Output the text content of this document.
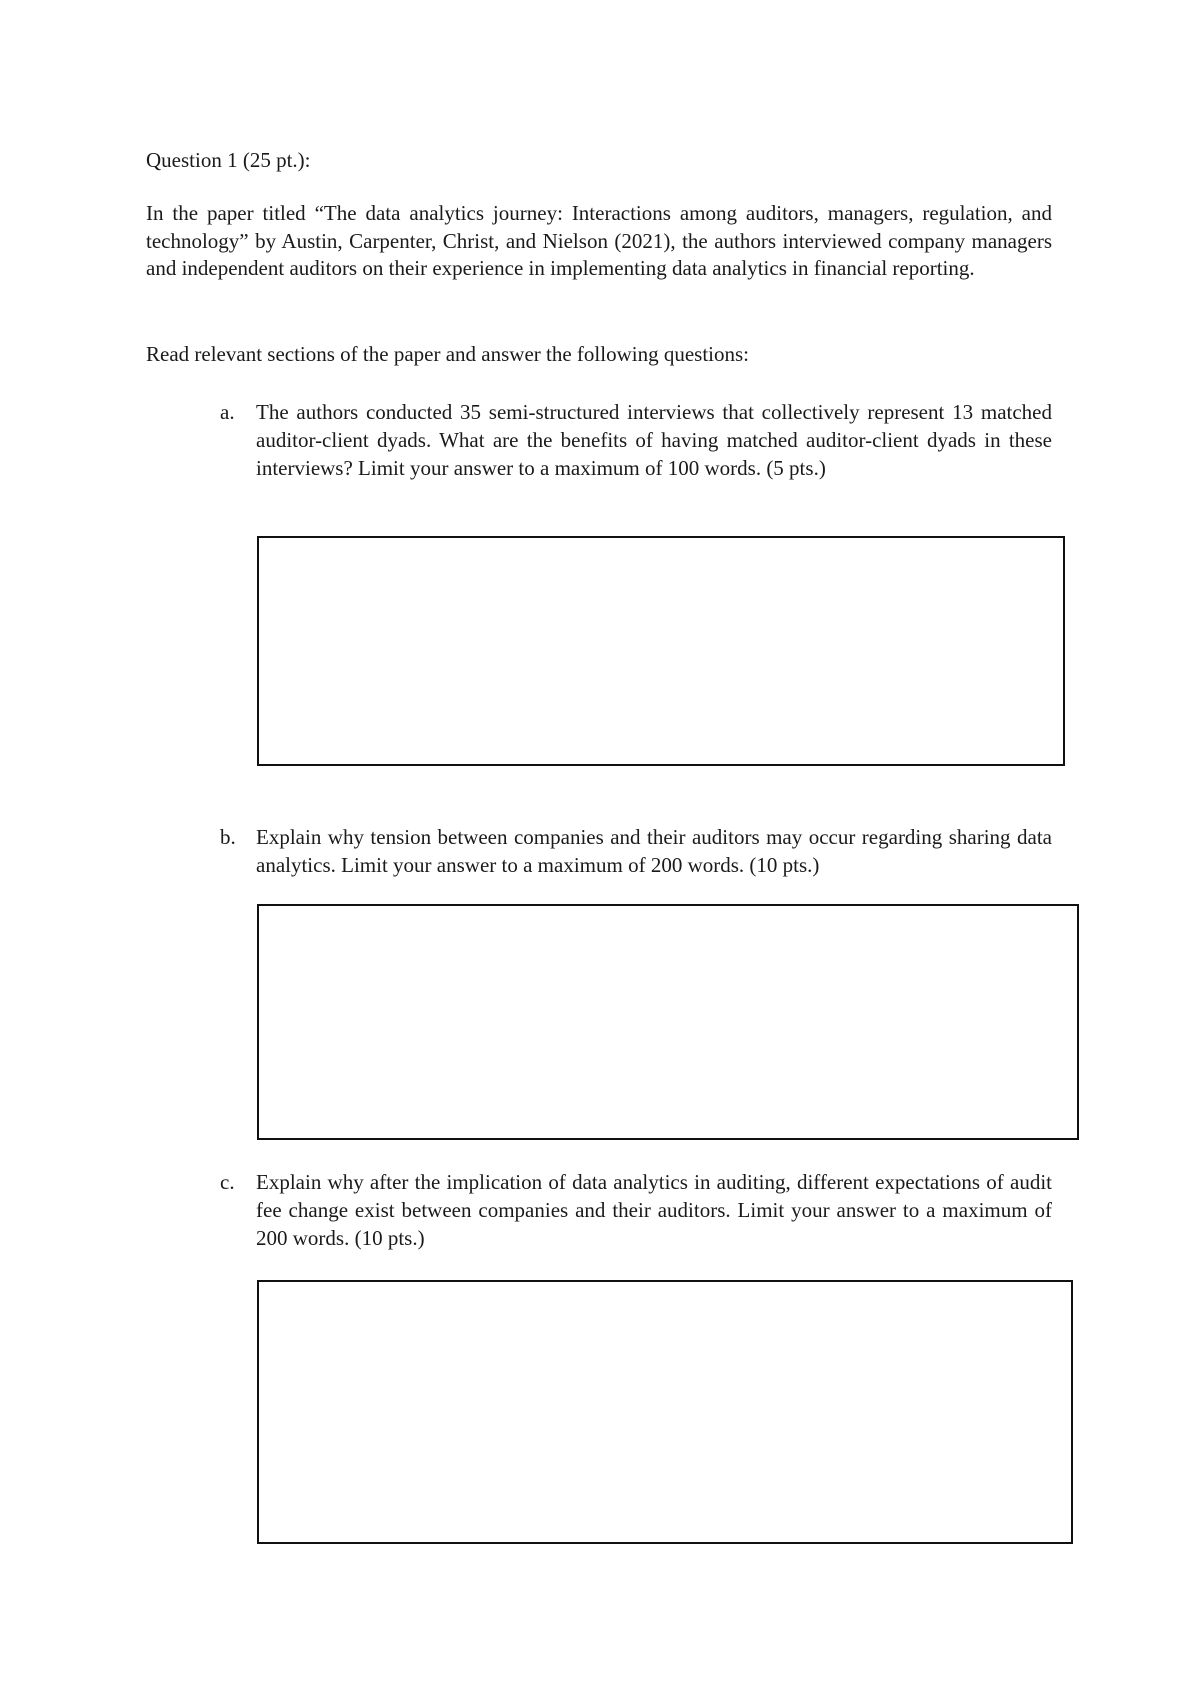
Question 1 (25 pt.):
In the paper titled “The data analytics journey: Interactions among auditors, managers, regulation, and technology” by Austin, Carpenter, Christ, and Nielson (2021), the authors interviewed company managers and independent auditors on their experience in implementing data analytics in financial reporting.
Read relevant sections of the paper and answer the following questions:
a. The authors conducted 35 semi-structured interviews that collectively represent 13 matched auditor-client dyads. What are the benefits of having matched auditor-client dyads in these interviews? Limit your answer to a maximum of 100 words. (5 pts.)
b. Explain why tension between companies and their auditors may occur regarding sharing data analytics. Limit your answer to a maximum of 200 words. (10 pts.)
c. Explain why after the implication of data analytics in auditing, different expectations of audit fee change exist between companies and their auditors. Limit your answer to a maximum of 200 words. (10 pts.)
